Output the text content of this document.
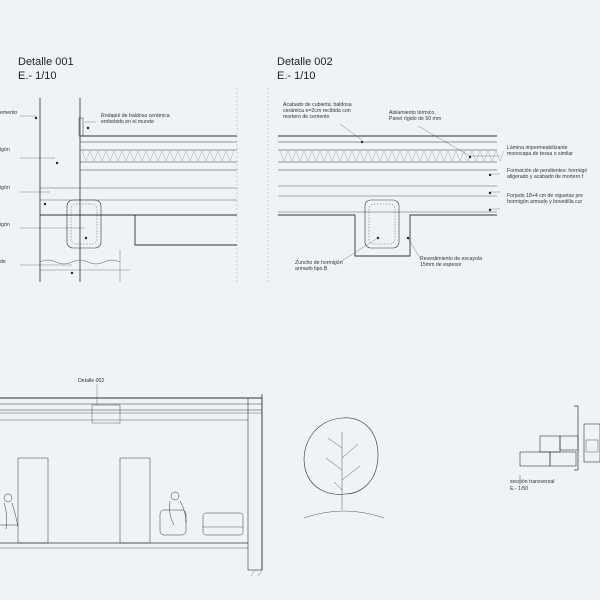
Detalle 001
E.- 1/10
emento
igón
igón
igón
de
Rodapié de baldosa cerámica
embebido en el murete
Detalle 002
E.- 1/10
Acabado de cubierta: baldosa
cerámica e=2cm recibida con
mortero de cemento
Aislamiento térmico.
Panel rígido de 50 mm
Lámina impermeabilizante
monocapa de texsa o similar
Formación de pendientes: hormigó
aligerado y acabado de mortero f
Forjado 18+4 cm de viguetas pre
hormigón armado y bovedilla cur
Zuncho de hormigón
armado tipo.B
Revestimiento de escayola
15mm de espesor
Detalle 002
sección transversal
E.- 1/50
